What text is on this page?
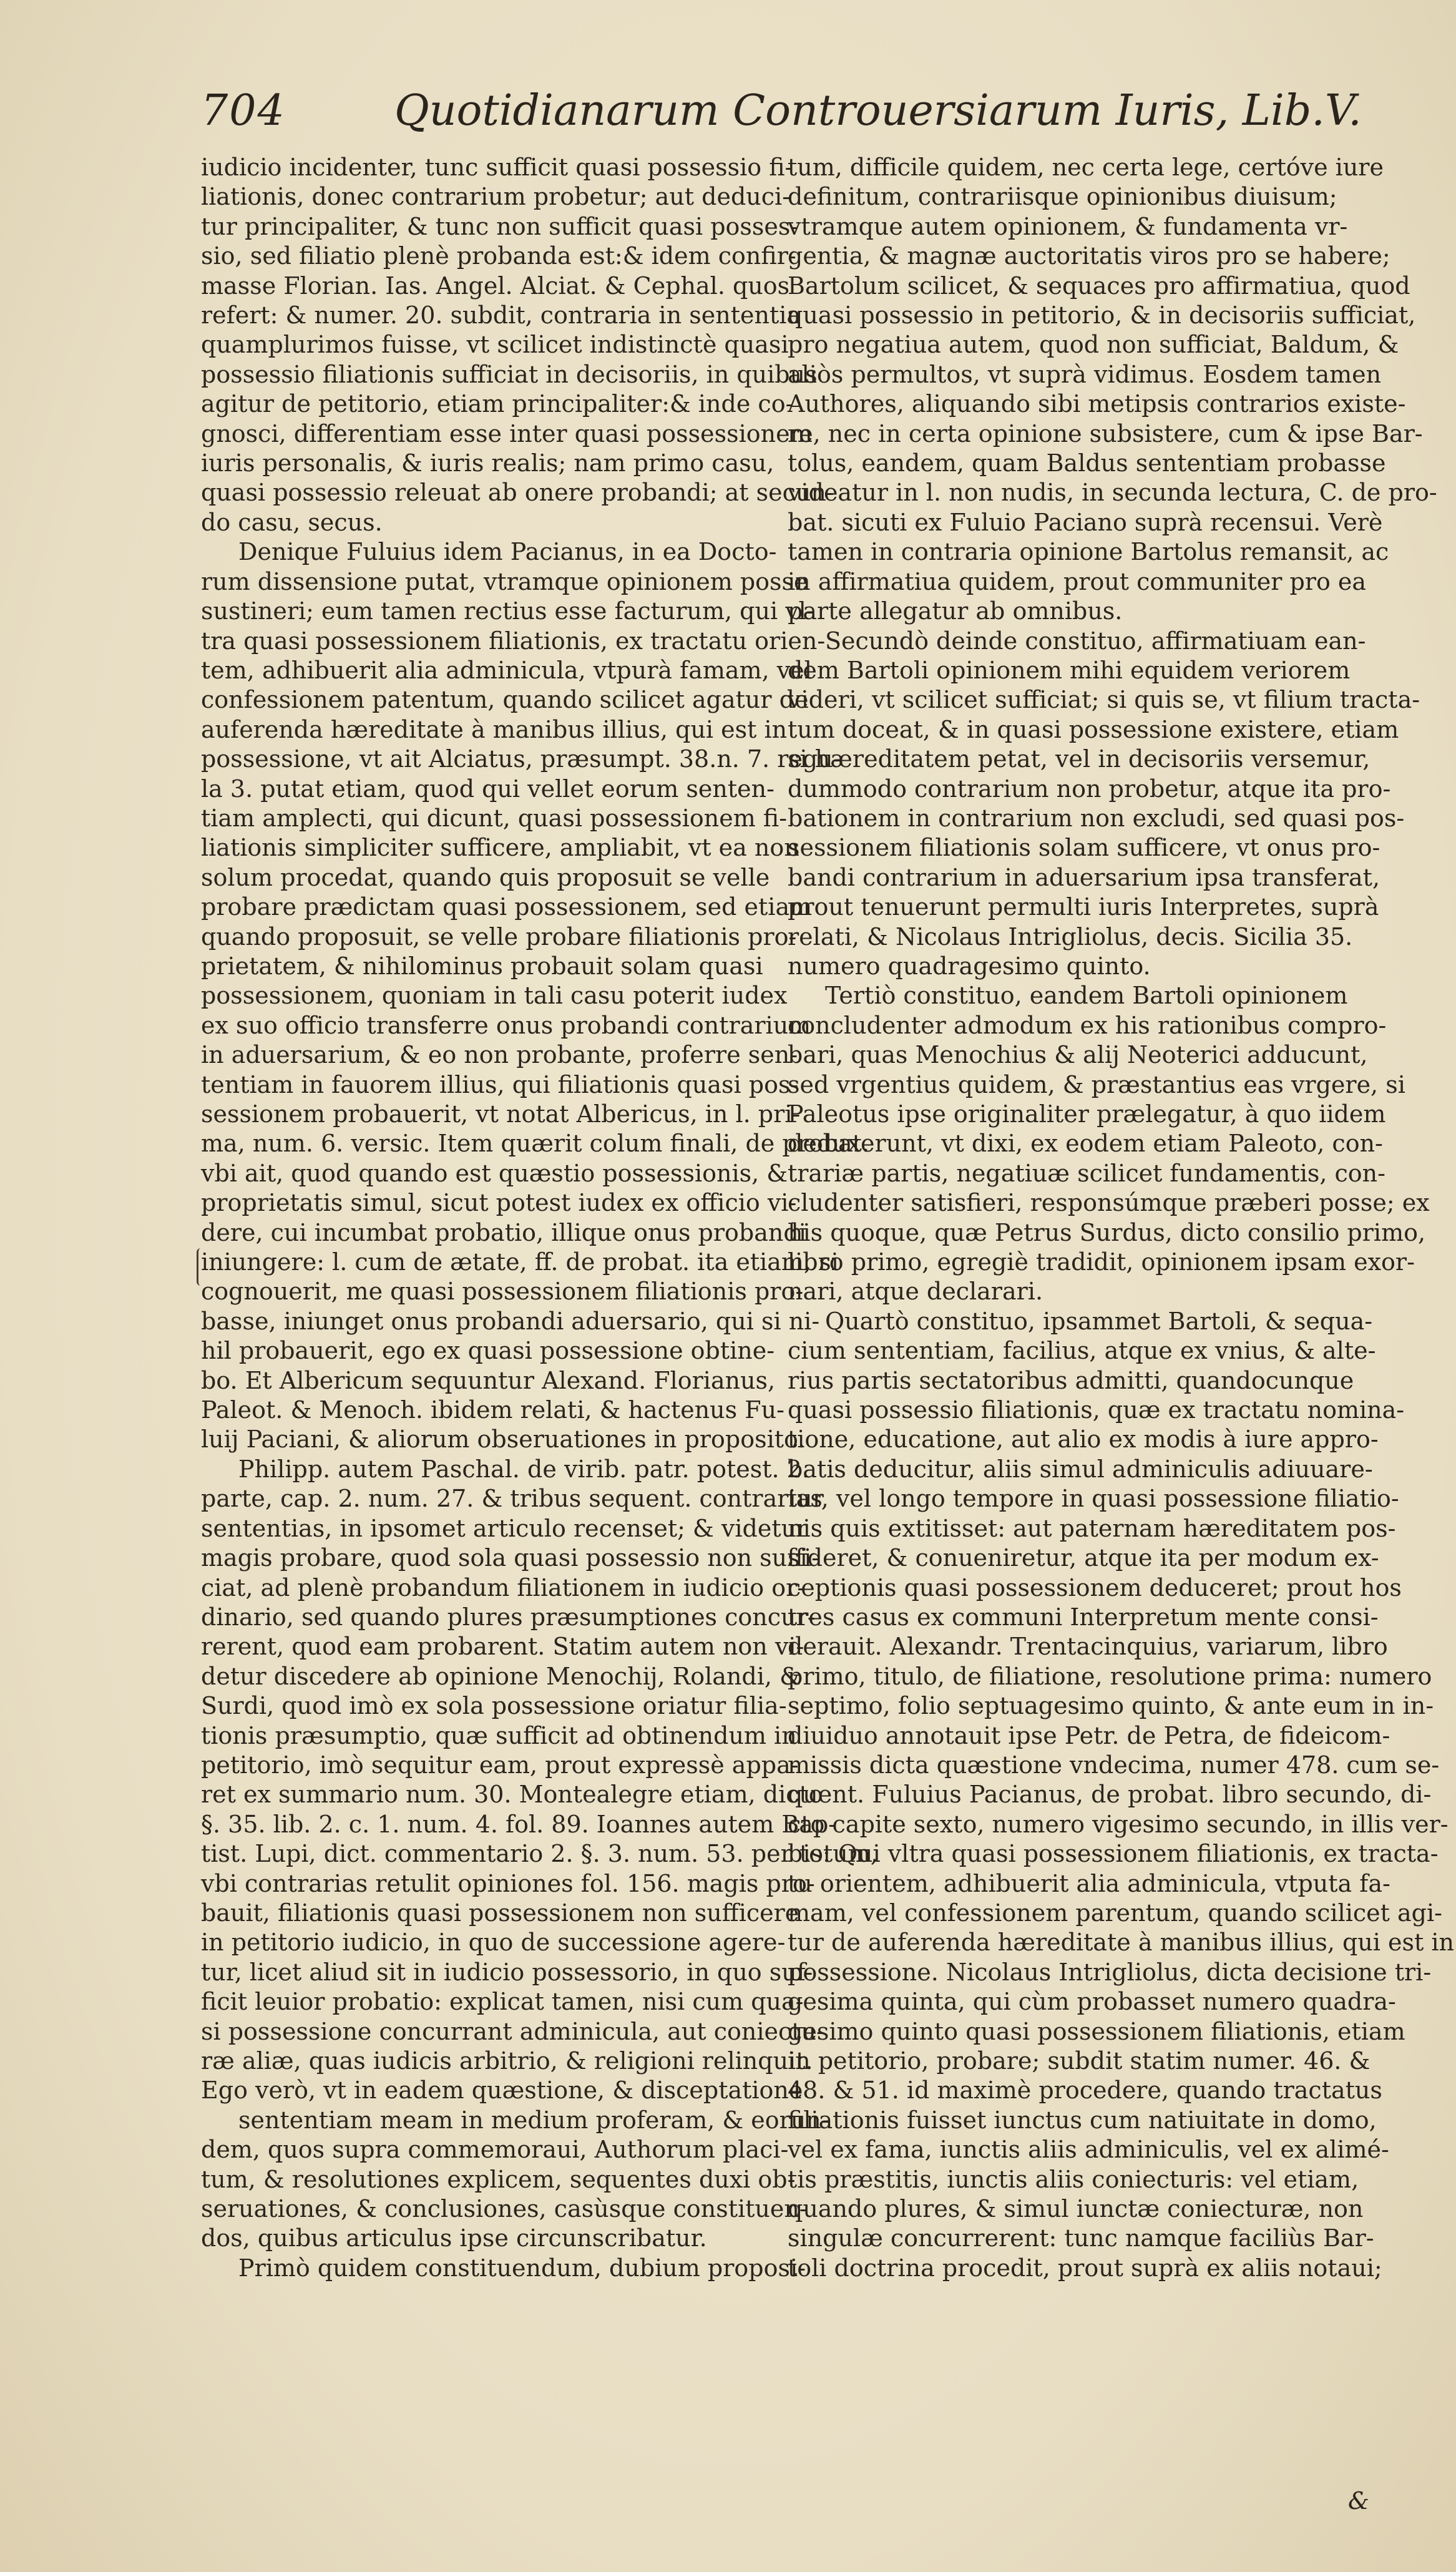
704	Quotidianarum Controuersiarum Iuris, Lib.V.
iudicio incidenter, tunc sufficit quasi possessio fi-
liationis, donec contrarium probetur; aut deduci-
tur principaliter, & tunc non sufficit quasi posses-
sio, sed filiatio plenè probanda est:& idem confir-
masse Florian. Ias. Angel. Alciat. & Cephal. quos
refert: & numer. 20. subdit, contraria in sententia
quamplurimos fuisse, vt scilicet indistinctè quasi
possessio filiationis sufficiat in decisoriis, in quibus
agitur de petitorio, etiam principaliter:& inde co-
gnosci, differentiam esse inter quasi possessionem
iuris personalis, & iuris realis; nam primo casu,
quasi possessio releuat ab onere probandi; at secun-
do casu, secus.
Denique Fuluius idem Pacianus, in ea Docto-
rum dissensione putat, vtramque opinionem posse
sustineri; eum tamen rectius esse facturum, qui vl-
tra quasi possessionem filiationis, ex tractatu orien-
tem, adhibuerit alia adminicula, vtpurà famam, vel
confessionem patentum, quando scilicet agatur de
auferenda hæreditate à manibus illius, qui est in
possessione, vt ait Alciatus, præsumpt. 38.n. 7. regu-
la 3. putat etiam, quod qui vellet eorum senten-
tiam amplecti, qui dicunt, quasi possessionem fi-
liationis simpliciter sufficere, ampliabit, vt ea non
solum procedat, quando quis proposuit se velle
probare prædictam quasi possessionem, sed etiam
quando proposuit, se velle probare filiationis pro-
prietatem, & nihilominus probauit solam quasi
possessionem, quoniam in tali casu poterit iudex
ex suo officio transferre onus probandi contrarium
in aduersarium, & eo non probante, proferre sen-
tentiam in fauorem illius, qui filiationis quasi pos-
sessionem probauerit, vt notat Albericus, in l. pri-
ma, num. 6. versic. Item quærit colum finali, de probat.
vbi ait, quod quando est quæstio possessionis, &
proprietatis simul, sicut potest iudex ex officio vi-
dere, cui incumbat probatio, illique onus probandi
iniungere: l. cum de ætate, ff. de probat. ita etiam, si
cognouerit, me quasi possessionem filiationis pro-
basse, iniunget onus probandi aduersario, qui si ni-
hil probauerit, ego ex quasi possessione obtine-
bo. Et Albericum sequuntur Alexand. Florianus,
Paleot. & Menoch. ibidem relati, & hactenus Fu-
luij Paciani, & aliorum obseruationes in proposito.
Philipp. autem Paschal. de virib. patr. potest. 2.
parte, cap. 2. num. 27. & tribus sequent. contrarias
sententias, in ipsomet articulo recenset; & videtur
magis probare, quod sola quasi possessio non suffi-
ciat, ad plenè probandum filiationem in iudicio or-
dinario, sed quando plures præsumptiones concur-
rerent, quod eam probarent. Statim autem non vi-
detur discedere ab opinione Menochij, Rolandi, &
Surdi, quod imò ex sola possessione oriatur filia-
tionis præsumptio, quæ sufficit ad obtinendum in
petitorio, imò sequitur eam, prout expressè appa-
ret ex summario num. 30. Montealegre etiam, dicto
§. 35. lib. 2. c. 1. num. 4. fol. 89. Ioannes autem Bap-
tist. Lupi, dict. commentario 2. §. 3. num. 53. per totum,
vbi contrarias retulit opiniones fol. 156. magis pro-
bauit, filiationis quasi possessionem non sufficere
in petitorio iudicio, in quo de successione agere-
tur, licet aliud sit in iudicio possessorio, in quo suf-
ficit leuior probatio: explicat tamen, nisi cum qua-
si possessione concurrant adminicula, aut coniectu-
ræ aliæ, quas iudicis arbitrio, & religioni relinquit.
Ego verò, vt in eadem quæstione, & disceptatione
sententiam meam in medium proferam, & eorun-
dem, quos supra commemoraui, Authorum placi-
tum, & resolutiones explicem, sequentes duxi ob-
seruationes, & conclusiones, casùsque constituen-
dos, quibus articulus ipse circunscribatur.
Primò quidem constituendum, dubium proposi-
tum, difficile quidem, nec certa lege, certóve iure
definitum, contrariisque opinionibus diuisum;
vtramque autem opinionem, & fundamenta vr-
gentia, & magnæ auctoritatis viros pro se habere;
Bartolum scilicet, & sequaces pro affirmatiua, quod
quasi possessio in petitorio, & in decisoriis sufficiat,
pro negatiua autem, quod non sufficiat, Baldum, &
aliòs permultos, vt suprà vidimus. Eosdem tamen
Authores, aliquando sibi metipsis contrarios existe-
re, nec in certa opinione subsistere, cum & ipse Bar-
tolus, eandem, quam Baldus sententiam probasse
videatur in l. non nudis, in secunda lectura, C. de pro-
bat. sicuti ex Fuluio Paciano suprà recensui. Verè
tamen in contraria opinione Bartolus remansit, ac
in affirmatiua quidem, prout communiter pro ea
parte allegatur ab omnibus.
Secundò deinde constituo, affirmatiuam ean-
dem Bartoli opinionem mihi equidem veriorem
videri, vt scilicet sufficiat; si quis se, vt filium tracta-
tum doceat, & in quasi possessione existere, etiam
si hæreditatem petat, vel in decisoriis versemur,
dummodo contrarium non probetur, atque ita pro-
bationem in contrarium non excludi, sed quasi pos-
sessionem filiationis solam sufficere, vt onus pro-
bandi contrarium in aduersarium ipsa transferat,
prout tenuerunt permulti iuris Interpretes, suprà
relati, & Nicolaus Intrigliolus, decis. Sicilia 35.
numero quadragesimo quinto.
Tertiò constituo, eandem Bartoli opinionem
concludenter admodum ex his rationibus compro-
bari, quas Menochius & alij Neoterici adducunt,
sed vrgentius quidem, & præstantius eas vrgere, si
Paleotus ipse originaliter prælegatur, à quo iidem
deduxerunt, vt dixi, ex eodem etiam Paleoto, con-
trariæ partis, negatiuæ scilicet fundamentis, con-
cludenter satisfieri, responsúmque præberi posse; ex
his quoque, quæ Petrus Surdus, dicto consilio primo,
libro primo, egregiè tradidit, opinionem ipsam exor-
nari, atque declarari.
Quartò constituo, ipsammet Bartoli, & sequa-
cium sententiam, facilius, atque ex vnius, & alte-
rius partis sectatoribus admitti, quandocunque
quasi possessio filiationis, quæ ex tractatu nomina-
tione, educatione, aut alio ex modis à iure appro-
batis deducitur, aliis simul adminiculis adiuuare-
tur, vel longo tempore in quasi possessione filiatio-
nis quis extitisset: aut paternam hæreditatem pos-
sideret, & conueniretur, atque ita per modum ex-
ceptionis quasi possessionem deduceret; prout hos
tres casus ex communi Interpretum mente consi-
derauit. Alexandr. Trentacinquius, variarum, libro
primo, titulo, de filiatione, resolutione prima: numero
septimo, folio septuagesimo quinto, & ante eum in in-
diuiduo annotauit ipse Petr. de Petra, de fideicom-
missis dicta quæstione vndecima, numer 478. cum se-
quent. Fuluius Pacianus, de probat. libro secundo, di-
cto capite sexto, numero vigesimo secundo, in illis ver-
bis: Qui vltra quasi possessionem filiationis, ex tracta-
tu orientem, adhibuerit alia adminicula, vtputa fa-
mam, vel confessionem parentum, quando scilicet agi-
tur de auferenda hæreditate à manibus illius, qui est in
possessione. Nicolaus Intrigliolus, dicta decisione tri-
gesima quinta, qui cùm probasset numero quadra-
gesimo quinto quasi possessionem filiationis, etiam
in petitorio, probare; subdit statim numer. 46. &
48. & 51. id maximè procedere, quando tractatus
filiationis fuisset iunctus cum natiuitate in domo,
vel ex fama, iunctis aliis adminiculis, vel ex alimé-
tis præstitis, iunctis aliis coniecturis: vel etiam,
quando plures, & simul iunctæ coniecturæ, non
singulæ concurrerent: tunc namque faciliùs Bar-
toli doctrina procedit, prout suprà ex aliis notaui;
&
